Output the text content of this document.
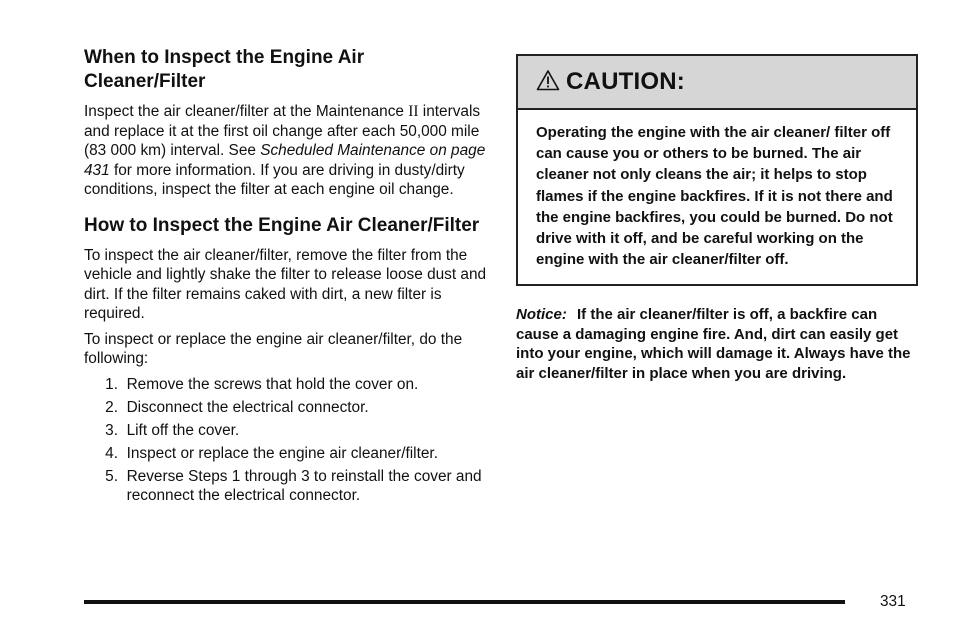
When to Inspect the Engine Air Cleaner/Filter

Inspect the air cleaner/filter at the Maintenance II intervals and replace it at the first oil change after each 50,000 mile (83 000 km) interval. See Scheduled Maintenance on page 431 for more information. If you are driving in dusty/dirty conditions, inspect the filter at each engine oil change.

How to Inspect the Engine Air Cleaner/Filter

To inspect the air cleaner/filter, remove the filter from the vehicle and lightly shake the filter to release loose dust and dirt. If the filter remains caked with dirt, a new filter is required.

To inspect or replace the engine air cleaner/filter, do the following:

1.
Remove the screws that hold the cover on.
2.
Disconnect the electrical connector.
3.
Lift off the cover.
4.
Inspect or replace the engine air cleaner/filter.
5.
Reverse Steps 1 through 3 to reinstall the cover and reconnect the electrical connector.
CAUTION:
Operating the engine with the air cleaner/ filter off can cause you or others to be burned. The air cleaner not only cleans the air; it helps to stop flames if the engine backfires. If it is not there and the engine backfires, you could be burned. Do not drive with it off, and be careful working on the engine with the air cleaner/filter off.
Notice: If the air cleaner/filter is off, a backfire can cause a damaging engine fire. And, dirt can easily get into your engine, which will damage it. Always have the air cleaner/filter in place when you are driving.
331
